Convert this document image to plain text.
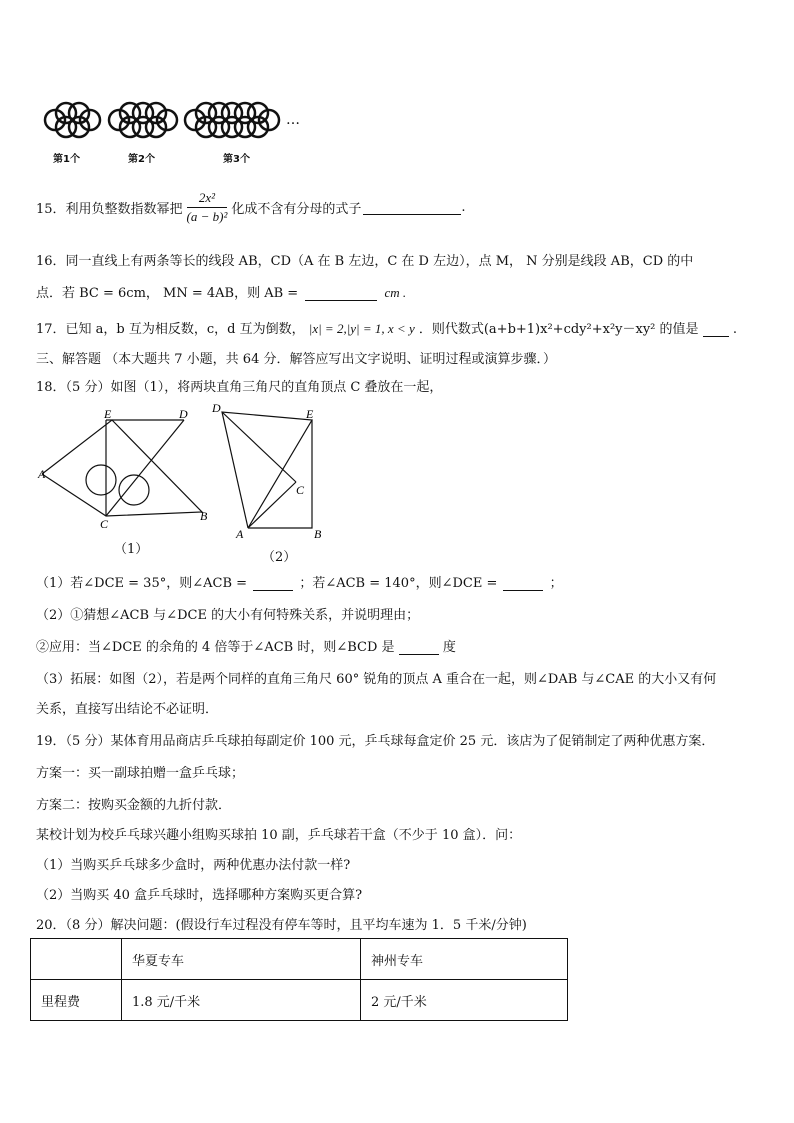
…
第1个	第2个	第3个
15．利用负整数指数幂把 $\frac{\text{2x²}}{\text{(a − b)²}}$ 化成不含有分母的式子	.
16．同一直线上有两条等长的线段 AB，CD（A 在 B 左边，C 在 D 左边），点 M， N 分别是线段 AB，CD 的中
点．若 BC = 6cm， MN = 4AB，则 AB =	cm .
17．已知 a，b 互为相反数，c，d 互为倒数， |x| = 2,|y| = 1, x < y ．则代数式(a+b+1)x²+cdy²+x²y－xy² 的值是	.
三、解答题 （本大题共 7 小题，共 64 分．解答应写出文字说明、证明过程或演算步骤．）
18．（5 分）如图（1），将两块直角三角尺的直角顶点 C 叠放在一起，
E	D
A
C
B
（1）
D	E
C
A	B
（2）
（1）若∠DCE = 35°，则∠ACB =	；若∠ACB = 140°，则∠DCE =	；
（2）①猜想∠ACB 与∠DCE 的大小有何特殊关系，并说明理由；
②应用：当∠DCE 的余角的 4 倍等于∠ACB 时，则∠BCD 是	度
（3）拓展：如图（2），若是两个同样的直角三角尺 60° 锐角的顶点 A 重合在一起，则∠DAB 与∠CAE 的大小又有何
关系，直接写出结论不必证明．
19．（5 分）某体育用品商店乒乓球拍每副定价 100 元，乒乓球每盒定价 25 元．该店为了促销制定了两种优惠方案．
方案一：买一副球拍赠一盒乒乓球；
方案二：按购买金额的九折付款．
某校计划为校乒乓球兴趣小组购买球拍 10 副，乒乓球若干盒（不少于 10 盒）．问：
（1）当购买乒乓球多少盒时，两种优惠办法付款一样?
（2）当购买 40 盒乒乓球时，选择哪种方案购买更合算?
20．（8 分）解决问题：(假设行车过程没有停车等时，且平均车速为 1．5 千米/分钟)
	华夏专车	神州专车
里程费	1.8 元/千米	2 元/千米
